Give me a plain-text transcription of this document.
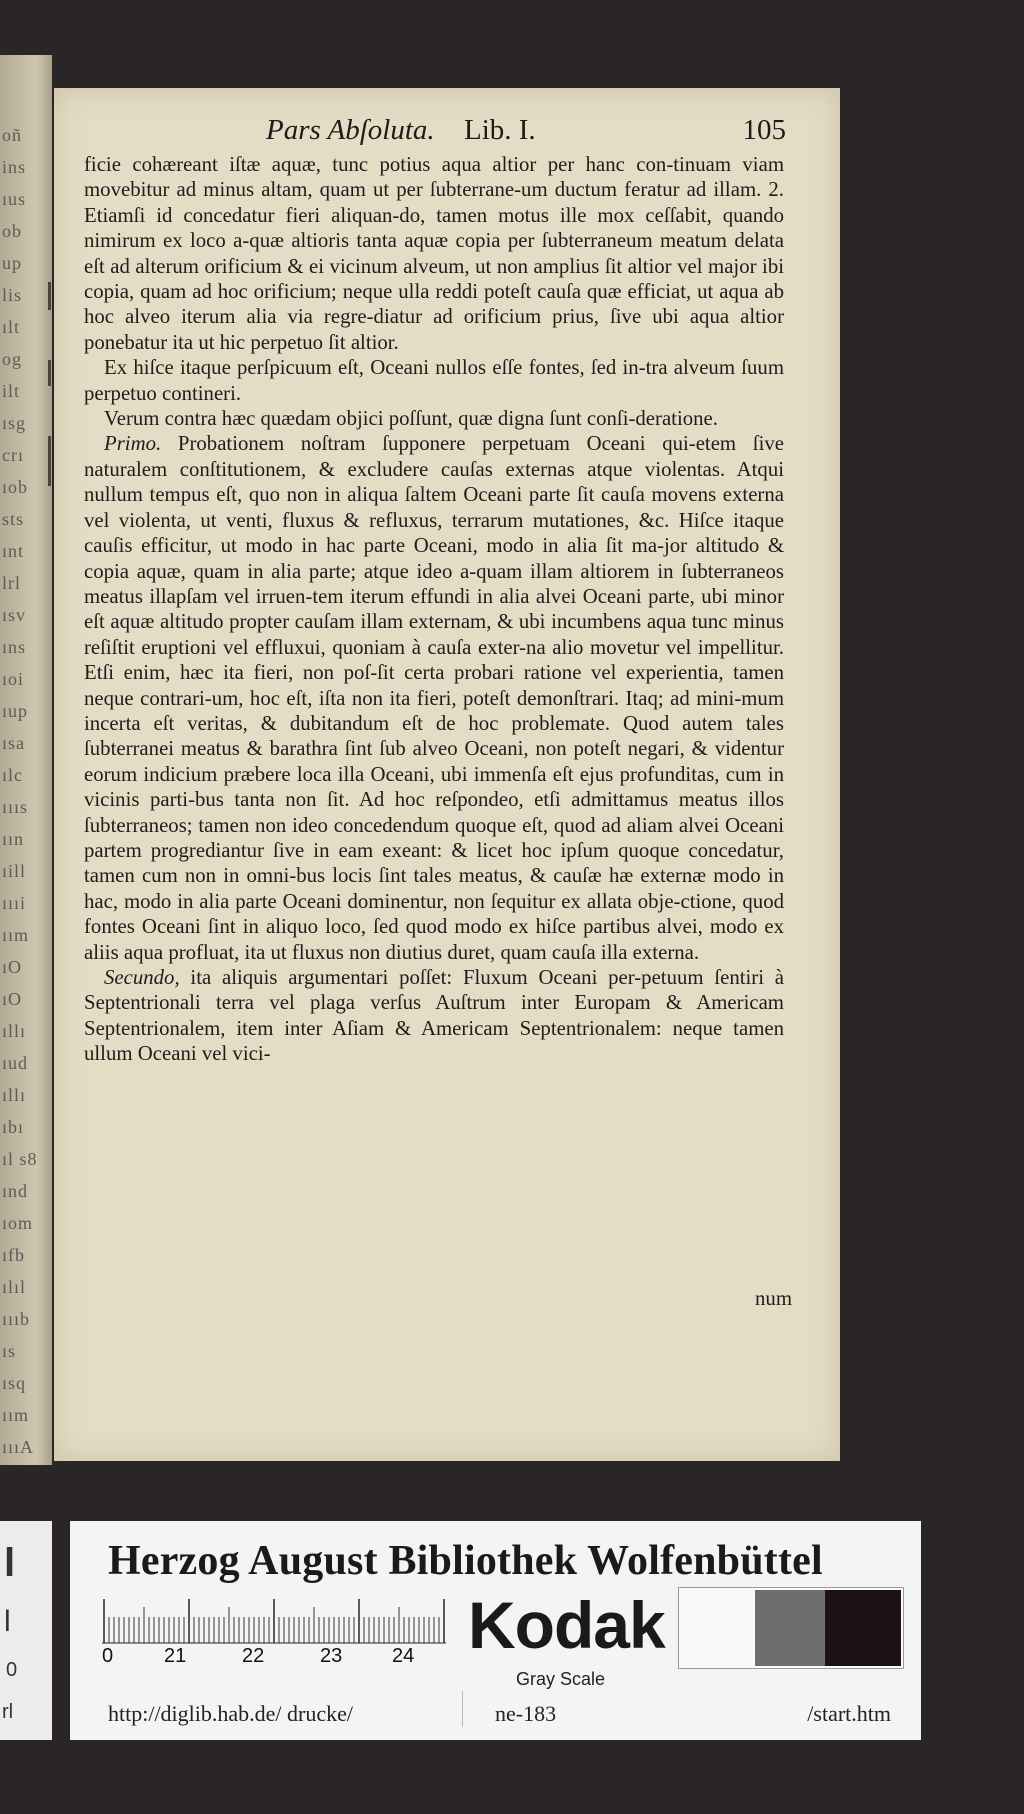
oñ
ins
ıus
ob
up
lis
ılt
og
ilt
ısg
crı
ıob
sts
ınt
lrl
ısv
ıns
ıoi
ıup
ısa
ılc
ıııs
ıın
ıill
ıııi
ıım
ıO
ıO
ıllı
ıud
ıllı
ıbı
ıl s8
ınd
ıom
ıfb
ılıl
ıııb
ıs
ısq
ıım
ıııA
Pars Abſoluta. Lib. I.	105

ficie cohæreant iſtæ aquæ, tunc potius aqua altior per hanc con-tinuam viam movebitur ad minus altam, quam ut per ſubterrane-um ductum feratur ad illam. 2. Etiamſi id concedatur fieri aliquan-do, tamen motus ille mox ceſſabit, quando nimirum ex loco a-quæ altioris tanta aquæ copia per ſubterraneum meatum delata eſt ad alterum orificium & ei vicinum alveum, ut non amplius ſit altior vel major ibi copia, quam ad hoc orificium; neque ulla reddi poteſt cauſa quæ efficiat, ut aqua ab hoc alveo iterum alia via regre-diatur ad orificium prius, ſive ubi aqua altior ponebatur ita ut hic perpetuo ſit altior.

Ex hiſce itaque perſpicuum eſt, Oceani nullos eſſe fontes, ſed in-tra alveum ſuum perpetuo contineri.

Verum contra hæc quædam objici poſſunt, quæ digna ſunt conſi-deratione.

Primo. Probationem noſtram ſupponere perpetuam Oceani qui-etem ſive naturalem conſtitutionem, & excludere cauſas externas atque violentas. Atqui nullum tempus eſt, quo non in aliqua ſaltem Oceani parte ſit cauſa movens externa vel violenta, ut venti, fluxus & refluxus, terrarum mutationes, &c. Hiſce itaque cauſis efficitur, ut modo in hac parte Oceani, modo in alia ſit ma-jor altitudo & copia aquæ, quam in alia parte; atque ideo a-quam illam altiorem in ſubterraneos meatus illapſam vel irruen-tem iterum effundi in alia alvei Oceani parte, ubi minor eſt aquæ altitudo propter cauſam illam externam, & ubi incumbens aqua tunc minus reſiſtit eruptioni vel effluxui, quoniam à cauſa exter-na alio movetur vel impellitur. Etſi enim, hæc ita fieri, non poſ-ſit certa probari ratione vel experientia, tamen neque contrari-um, hoc eſt, iſta non ita fieri, poteſt demonſtrari. Itaq; ad mini-mum incerta eſt veritas, & dubitandum eſt de hoc problemate. Quod autem tales ſubterranei meatus & barathra ſint ſub alveo Oceani, non poteſt negari, & videntur eorum indicium præbere loca illa Oceani, ubi immenſa eſt ejus profunditas, cum in vicinis parti-bus tanta non ſit. Ad hoc reſpondeo, etſi admittamus meatus illos ſubterraneos; tamen non ideo concedendum quoque eſt, quod ad aliam alvei Oceani partem progrediantur ſive in eam exeant: & licet hoc ipſum quoque concedatur, tamen cum non in omni-bus locis ſint tales meatus, & cauſæ hæ externæ modo in hac, modo in alia parte Oceani dominentur, non ſequitur ex allata obje-ctione, quod fontes Oceani ſint in aliquo loco, ſed quod modo ex hiſce partibus alvei, modo ex aliis aqua profluat, ita ut fluxus non diutius duret, quam cauſa illa externa.

Secundo, ita aliquis argumentari poſſet: Fluxum Oceani per-petuum ſentiri à Septentrionali terra vel plaga verſus Auſtrum inter Europam & Americam Septentrionalem, item inter Aſiam & Americam Septentrionalem: neque tamen ullum Oceani vel vici-

num
l
l
0
rl
Herzog August Bibliothek Wolfenbüttel
0	21	22	23 24 Kodak
Gray Scale
http://diglib.hab.de/ drucke/	ne-183	/start.htm
